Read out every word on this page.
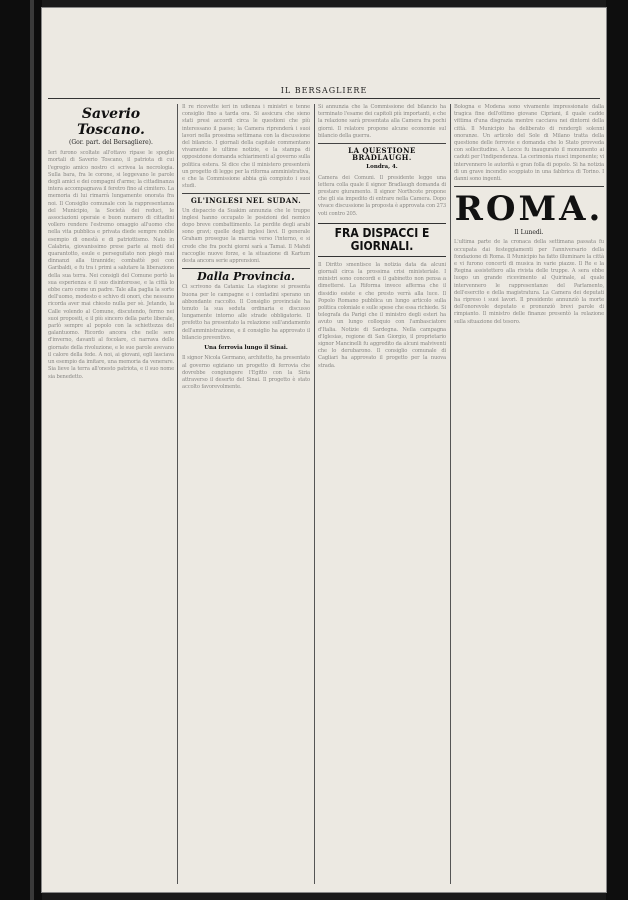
IL BERSAGLIERE
Saverio Toscano.
(Gor. part. del Bersagliere).
Ieri furono scoltate all'ottavo ripase le spoglie mortali di Saverio Toscano, il patriota di cui l'egregio amico nostro ci scrivea la necrologia. Sulla bara, fra le corone, si leggevano le parole degli amici e dei compagni d'arme; la cittadinanza intera accompagnava il feretro fino al cimitero. La memoria di lui rimarrà lungamente onorata fra noi. Il Consiglio comunale con la rappresentanza del Municipio, la Società dei reduci, le associazioni operaie e buon numero di cittadini vollero rendere l'estremo omaggio all'uomo che nella vita pubblica e privata diede sempre nobile esempio di onestà e di patriottismo. Nato in Calabria, giovanissimo prese parte ai moti del quarantotto, esule e perseguitato non piegò mai dinnanzi alla tirannide; combattè poi con Garibaldi, e fu tra i primi a salutare la liberazione della sua terra. Nei consigli del Comune portò la sua esperienza e il suo disinteresse, e la città lo ebbe caro come un padre. Tale alla paglia la sorte dell'uomo, modesto e schivo di onori, che nessuno ricorda aver mai chiesto nulla per sè. Jetando, la Calle volendo al Comune, discutendo, fermo nei suoi propositi, e il più sincero della parte liberale, parlò sempre al popolo con la schiettezza del galantuomo. Ricordo ancora che nelle sere d'inverno, davanti al focolare, ci narrava delle giornate della rivoluzione, e le sue parole avevano il calore della fede. A noi, ai giovani, egli lasciava un esempio da imitare, una memoria da venerare. Sia lieve la terra all'onesto patriota, e il suo nome sia benedetto.
Il re ricevette ieri in udienza i ministri e tenne consiglio fino a tarda ora. Si assicura che sieno stati presi accordi circa le questioni che più interessano il paese; la Camera riprenderà i suoi lavori nella prossima settimana con la discussione del bilancio. I giornali della capitale commentano vivamente le ultime notizie, e la stampa di opposizione domanda schiarimenti al governo sulla politica estera. Si dice che il ministero presenterà un progetto di legge per la riforma amministrativa, e che la Commissione abbia già compiuto i suoi studi.
GL'INGLESI NEL SUDAN.
Un dispaccio da Suakim annunzia che le truppe inglesi hanno occupato le posizioni del nemico dopo breve combattimento. Le perdite degli arabi sono gravi; quelle degli inglesi lievi. Il generale Graham prosegue la marcia verso l'interno, e si crede che fra pochi giorni sarà a Tamai. Il Mahdi raccoglie nuove forze, e la situazione di Kartum desta ancora serie apprensioni.
Dalla Provincia.
Ci scrivono da Catania: La stagione si presenta buona per le campagne e i contadini sperano un abbondante raccolto. Il Consiglio provinciale ha tenuto la sua seduta ordinaria e discusso lungamente intorno alle strade obbligatorie. Il prefetto ha presentato la relazione sull'andamento dell'amministrazione, e il consiglio ha approvato il bilancio preventivo.
Una ferrovia lungo il Sinai.
Il signor Nicola Germano, architetto, ha presentato al governo egiziano un progetto di ferrovia che dovrebbe congiungere l'Egitto con la Siria attraverso il deserto del Sinai. Il progetto è stato accolto favorevolmente.
Si annunzia che la Commissione del bilancio ha terminato l'esame dei capitoli più importanti, e che la relazione sarà presentata alla Camera fra pochi giorni. Il relatore propone alcune economie sul bilancio della guerra.
LA QUESTIONE BRADLAUGH.
Londra, 4.
Camera dei Comuni. Il presidente legge una lettera colla quale il signor Bradlaugh domanda di prestare giuramento. Il signor Northcote propone che gli sia impedito di entrare nella Camera. Dopo vivace discussione la proposta è approvata con 273 voti contro 205.
FRA DISPACCI E GIORNALI.
Il Diritto smentisce la notizia data da alcuni giornali circa la prossima crisi ministeriale. I ministri sono concordi e il gabinetto non pensa a dimettersi. La Riforma invece afferma che il dissidio esiste e che presto verrà alla luce. Il Popolo Romano pubblica un lungo articolo sulla politica coloniale e sulle spese che essa richiede. Si telegrafa da Parigi che il ministro degli esteri ha avuto un lungo colloquio con l'ambasciatore d'Italia. Notizie di Sardegna. Nella campagna d'Iglesias, regione di San Giorgio, il proprietario signor Mancinelli fu aggredito da alcuni malviventi che lo derubarono. Il consiglio comunale di Cagliari ha approvato il progetto per la nuova strada.
Bologna e Modena sono vivamente impressionate dalla tragica fine dell'ottimo giovane Cipriani, il quale cadde vittima d'una disgrazia mentre cacciava nei dintorni della città. Il Municipio ha deliberato di rendergli solenni onoranze. Un articolo del Sole di Milano tratta della questione delle ferrovie e domanda che lo Stato provveda con sollecitudine. A Lecce fu inaugurato il monumento ai caduti per l'indipendenza. La cerimonia riuscì imponente; vi intervennero le autorità e gran folla di popolo. Si ha notizia di un grave incendio scoppiato in una fabbrica di Torino. I danni sono ingenti.
ROMA.
Il Lunedì.
L'ultima parte de la cronaca della settimana passata fu occupata dai festeggiamenti per l'anniversario della fondazione di Roma. Il Municipio ha fatto illuminare la città e vi furono concerti di musica in varie piazze. Il Re e la Regina assistettero alla rivista delle truppe. A sera ebbe luogo un grande ricevimento al Quirinale, al quale intervennero le rappresentanze del Parlamento, dell'esercito e della magistratura. La Camera dei deputati ha ripreso i suoi lavori. Il presidente annunziò la morte dell'onorevole deputato e pronunziò brevi parole di rimpianto. Il ministro delle finanze presentò la relazione sulla situazione del tesoro.
